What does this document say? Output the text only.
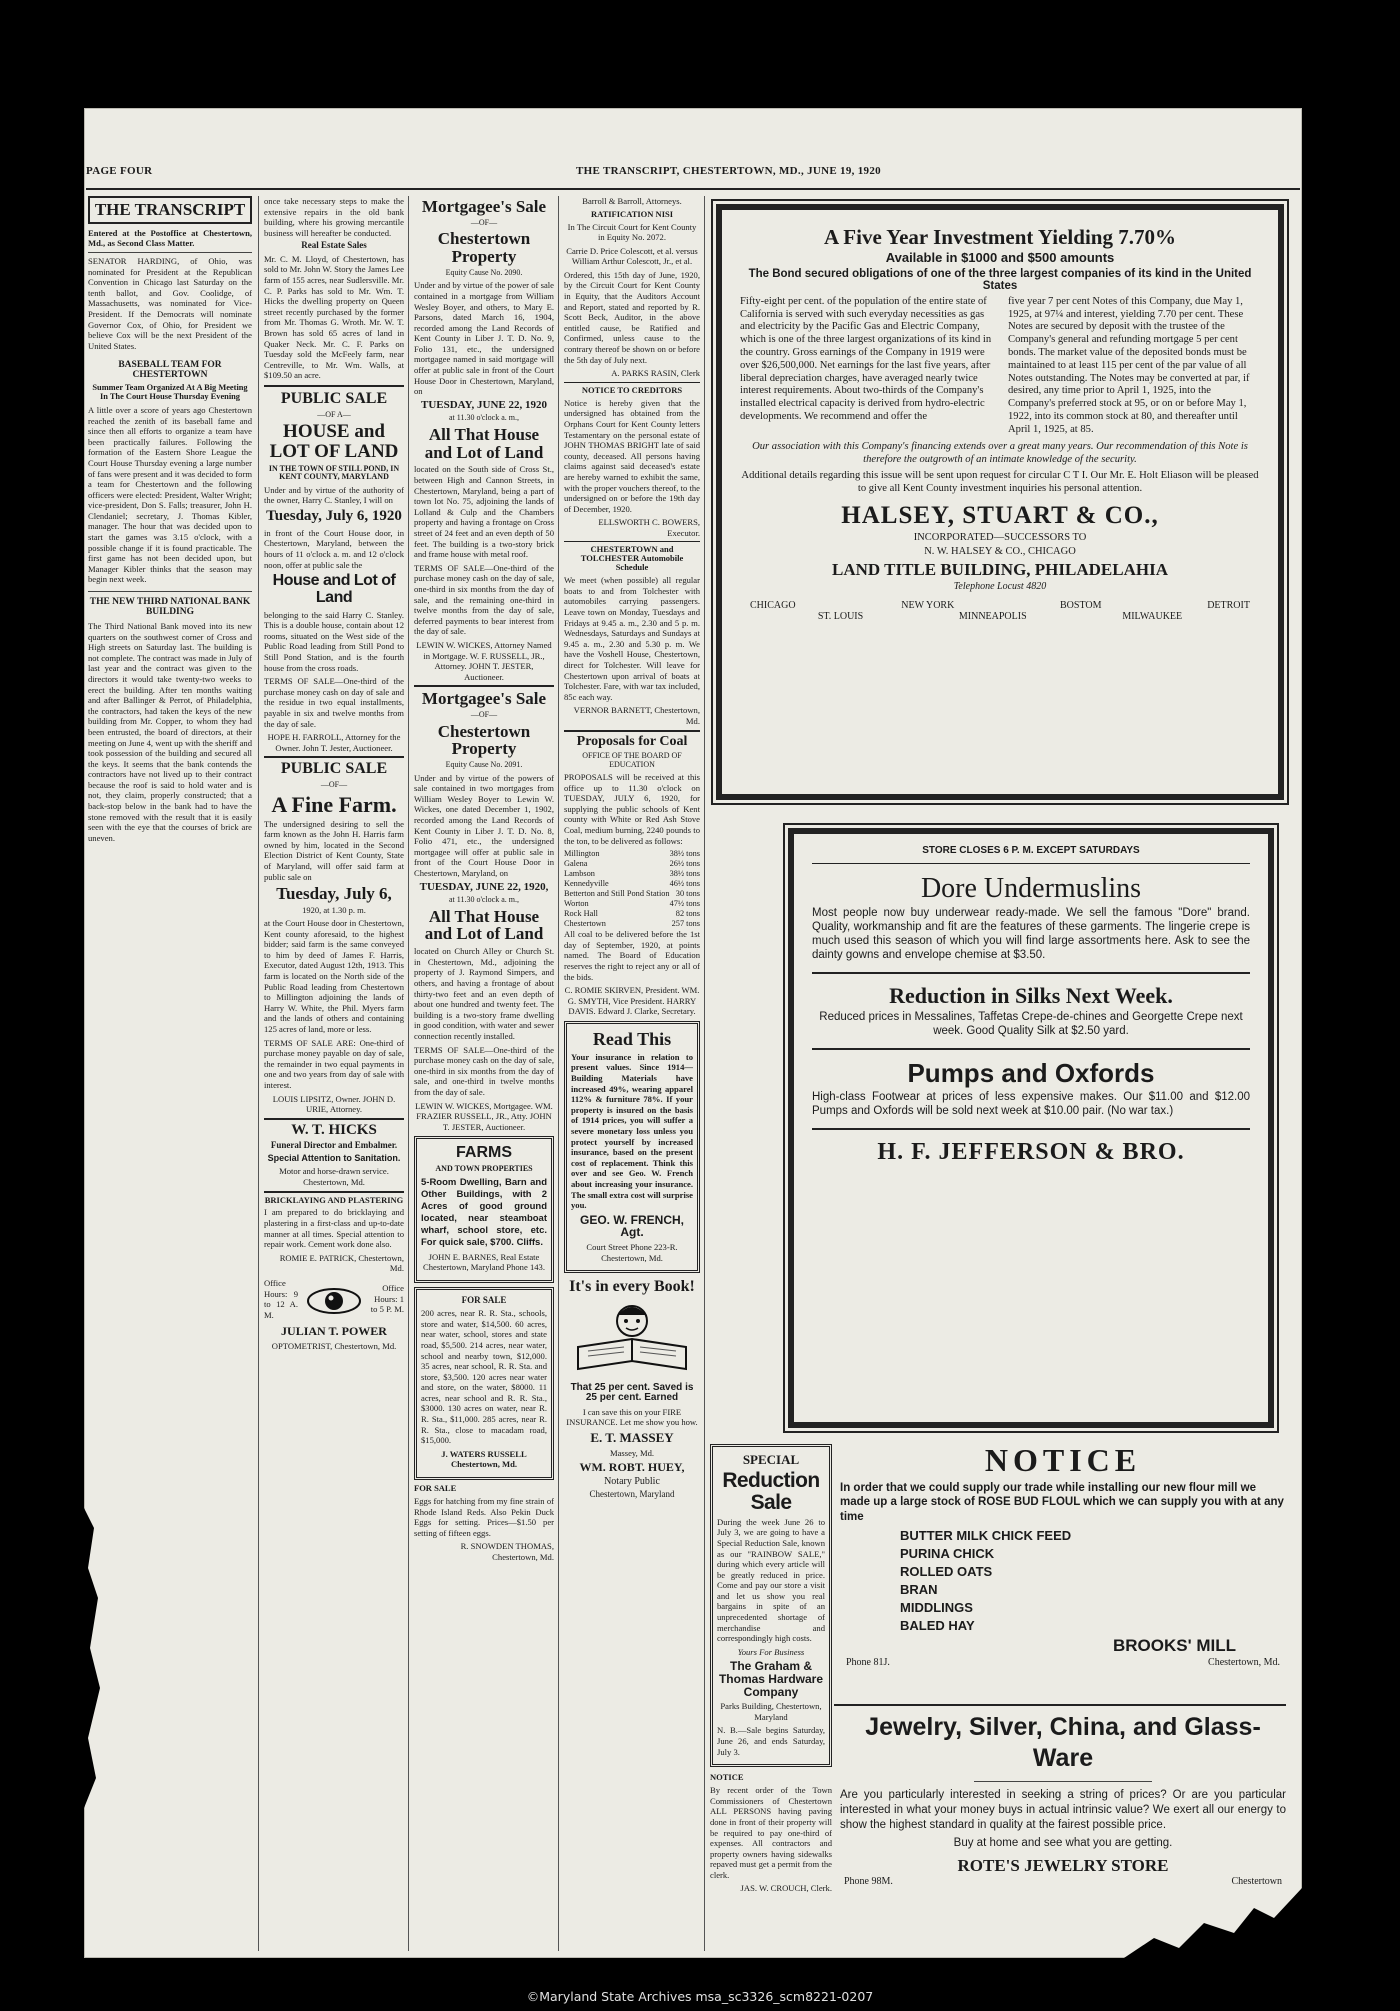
PAGE FOUR	THE TRANSCRIPT, CHESTERTOWN, MD., JUNE 19, 1920
THE TRANSCRIPT

Entered at the Postoffice at Chestertown, Md., as Second Class Matter.

SENATOR HARDING, of Ohio, was nominated for President at the Republican Convention in Chicago last Saturday on the tenth ballot, and Gov. Coolidge, of Massachusetts, was nominated for Vice-President. If the Democrats will nominate Governor Cox, of Ohio, for President we believe Cox will be the next President of the United States.

BASEBALL TEAM FOR CHESTERTOWN
Summer Team Organized At A Big Meeting In The Court House Thursday Evening

A little over a score of years ago Chestertown reached the zenith of its baseball fame and since then all efforts to organize a team have been practically failures. Following the formation of the Eastern Shore League the Court House Thursday evening a large number of fans were present and it was decided to form a team for Chestertown and the following officers were elected: President, Walter Wright; vice-president, Don S. Falls; treasurer, John H. Clendaniel; secretary, J. Thomas Kibler, manager. The hour that was decided upon to start the games was 3.15 o'clock, with a possible change if it is found practicable. The first game has not been decided upon, but Manager Kibler thinks that the season may begin next week.

THE NEW THIRD NATIONAL BANK BUILDING

The Third National Bank moved into its new quarters on the southwest corner of Cross and High streets on Saturday last. The building is not complete. The contract was made in July of last year and the contract was given to the directors it would take twenty-two weeks to erect the building. After ten months waiting and after Ballinger & Perrot, of Philadelphia, the contractors, had taken the keys of the new building from Mr. Copper, to whom they had been entrusted, the board of directors, at their meeting on June 4, went up with the sheriff and took possession of the building and secured all the keys. It seems that the bank contends the contractors have not lived up to their contract because the roof is said to hold water and is not, they claim, properly constructed; that a back-stop below in the bank had to have the stone removed with the result that it is easily seen with the eye that the courses of brick are uneven.

once take necessary steps to make the extensive repairs in the old bank building, where his growing mercantile business will hereafter be conducted.

Real Estate Sales

Mr. C. M. Lloyd, of Chestertown, has sold to Mr. John W. Story the James Lee farm of 155 acres, near Sudlersville. Mr. C. P. Parks has sold to Mr. Wm. T. Hicks the dwelling property on Queen street recently purchased by the former from Mr. Thomas G. Wroth. Mr. W. T. Brown has sold 65 acres of land in Quaker Neck. Mr. C. F. Parks on Tuesday sold the McFeely farm, near Centreville, to Mr. Wm. Walls, at $109.50 an acre.

PUBLIC SALE
—OF A—
HOUSE and LOT OF LAND
IN THE TOWN OF STILL POND, IN KENT COUNTY, MARYLAND

Under and by virtue of the authority of the owner, Harry C. Stanley, I will on

Tuesday, July 6, 1920

in front of the Court House door, in Chestertown, Maryland, between the hours of 11 o'clock a. m. and 12 o'clock noon, offer at public sale the

House and Lot of Land

belonging to the said Harry C. Stanley. This is a double house, contain about 12 rooms, situated on the West side of the Public Road leading from Still Pond to Still Pond Station, and is the fourth house from the cross roads.

TERMS OF SALE—One-third of the purchase money cash on day of sale and the residue in two equal installments, payable in six and twelve months from the day of sale.

HOPE H. FARROLL, Attorney for the Owner. John T. Jester, Auctioneer.

PUBLIC SALE
—OF—
A Fine Farm.

The undersigned desiring to sell the farm known as the John H. Harris farm owned by him, located in the Second Election District of Kent County, State of Maryland, will offer said farm at public sale on

Tuesday, July 6,
1920, at 1.30 p. m.

at the Court House door in Chestertown, Kent county aforesaid, to the highest bidder; said farm is the same conveyed to him by deed of James F. Harris, Executor, dated August 12th, 1913. This farm is located on the North side of the Public Road leading from Chestertown to Millington adjoining the lands of Harry W. White, the Phil. Myers farm and the lands of others and containing 125 acres of land, more or less.

TERMS OF SALE ARE: One-third of purchase money payable on day of sale, the remainder in two equal payments in one and two years from day of sale with interest.

LOUIS LIPSITZ, Owner. JOHN D. URIE, Attorney.

W. T. HICKS
Funeral Director and Embalmer.
Special Attention to Sanitation.

Motor and horse-drawn service. Chestertown, Md.

BRICKLAYING AND PLASTERING

I am prepared to do bricklaying and plastering in a first-class and up-to-date manner at all times. Special attention to repair work. Cement work done also.

ROMIE E. PATRICK, Chestertown, Md.

Office Hours: 9 to 12 A. M.
Office Hours: 1 to 5 P. M.
JULIAN T. POWER

OPTOMETRIST, Chestertown, Md.

Mortgagee's Sale
—OF—
Chestertown Property
Equity Cause No. 2090.

Under and by virtue of the power of sale contained in a mortgage from William Wesley Boyer, and others, to Mary E. Parsons, dated March 16, 1904, recorded among the Land Records of Kent County in Liber J. T. D. No. 9, Folio 131, etc., the undersigned mortgagee named in said mortgage will offer at public sale in front of the Court House Door in Chestertown, Maryland, on

TUESDAY, JUNE 22, 1920
at 11.30 o'clock a. m.,
All That House and Lot of Land

located on the South side of Cross St., between High and Cannon Streets, in Chestertown, Maryland, being a part of town lot No. 75, adjoining the lands of Lolland & Culp and the Chambers property and having a frontage on Cross street of 24 feet and an even depth of 50 feet. The building is a two-story brick and frame house with metal roof.

TERMS OF SALE—One-third of the purchase money cash on the day of sale, one-third in six months from the day of sale, and the remaining one-third in twelve months from the day of sale, deferred payments to bear interest from the day of sale.

LEWIN W. WICKES, Attorney Named in Mortgage. W. F. RUSSELL, JR., Attorney. JOHN T. JESTER, Auctioneer.

Mortgagee's Sale
—OF—
Chestertown Property
Equity Cause No. 2091.

Under and by virtue of the powers of sale contained in two mortgages from William Wesley Boyer to Lewin W. Wickes, one dated December 1, 1902, recorded among the Land Records of Kent County in Liber J. T. D. No. 8, Folio 471, etc., the undersigned mortgagee will offer at public sale in front of the Court House Door in Chestertown, Maryland, on

TUESDAY, JUNE 22, 1920,
at 11.30 o'clock a. m.,
All That House and Lot of Land

located on Church Alley or Church St. in Chestertown, Md., adjoining the property of J. Raymond Simpers, and others, and having a frontage of about thirty-two feet and an even depth of about one hundred and twenty feet. The building is a two-story frame dwelling in good condition, with water and sewer connection recently installed.

TERMS OF SALE—One-third of the purchase money cash on the day of sale, one-third in six months from the day of sale, and one-third in twelve months from the day of sale.

LEWIN W. WICKES, Mortgagee. WM. FRAZIER RUSSELL, JR., Atty. JOHN T. JESTER, Auctioneer.

FARMS
AND TOWN PROPERTIES

5-Room Dwelling, Barn and Other Buildings, with 2 Acres of good ground located, near steamboat wharf, school store, etc. For quick sale, $700. Cliffs.

JOHN E. BARNES, Real Estate Chestertown, Maryland Phone 143.

FOR SALE

200 acres, near R. R. Sta., schools, store and water, $14,500. 60 acres, near water, school, stores and state road, $5,500. 214 acres, near water, school and nearby town, $12,000. 35 acres, near school, R. R. Sta. and store, $3,500. 120 acres near water and store, on the water, $8000. 11 acres, near school and R. R. Sta., $3000. 130 acres on water, near R. R. Sta., $11,000. 285 acres, near R. R. Sta., close to macadam road, $15,000.

J. WATERS RUSSELL Chestertown, Md.

FOR SALE

Eggs for hatching from my fine strain of Rhode Island Reds. Also Pekin Duck Eggs for setting. Prices—$1.50 per setting of fifteen eggs.

R. SNOWDEN THOMAS, Chestertown, Md.

Barroll & Barroll, Attorneys.

RATIFICATION NISI

In The Circuit Court for Kent County in Equity No. 2072.

Carrie D. Price Colescott, et al. versus William Arthur Colescott, Jr., et al.

Ordered, this 15th day of June, 1920, by the Circuit Court for Kent County in Equity, that the Auditors Account and Report, stated and reported by R. Scott Beck, Auditor, in the above entitled cause, be Ratified and Confirmed, unless cause to the contrary thereof be shown on or before the 5th day of July next.

A. PARKS RASIN, Clerk

NOTICE TO CREDITORS

Notice is hereby given that the undersigned has obtained from the Orphans Court for Kent County letters Testamentary on the personal estate of JOHN THOMAS BRIGHT late of said county, deceased. All persons having claims against said deceased's estate are hereby warned to exhibit the same, with the proper vouchers thereof, to the undersigned on or before the 19th day of December, 1920.

ELLSWORTH C. BOWERS, Executor.

CHESTERTOWN and TOLCHESTER Automobile Schedule

We meet (when possible) all regular boats to and from Tolchester with automobiles carrying passengers. Leave town on Monday, Tuesdays and Fridays at 9.45 a. m., 2.30 and 5 p. m. Wednesdays, Saturdays and Sundays at 9.45 a. m., 2.30 and 5.30 p. m. We have the Voshell House, Chestertown, direct for Tolchester. Will leave for Chestertown upon arrival of boats at Tolchester. Fare, with war tax included, 85c each way.

VERNOR BARNETT, Chestertown, Md.

Proposals for Coal
OFFICE OF THE BOARD OF EDUCATION

PROPOSALS will be received at this office up to 11.30 o'clock on TUESDAY, JULY 6, 1920, for supplying the public schools of Kent county with White or Red Ash Stove Coal, medium burning, 2240 pounds to the ton, to be delivered as follows:

Millington	38½ tons
Galena	26½ tons
Lambson	38½ tons
Kennedyville	46½ tons
Betterton and Still Pond Station 30 tons
Worton	47½ tons
Rock Hall	82 tons
Chestertown	257 tons

All coal to be delivered before the 1st day of September, 1920, at points named. The Board of Education reserves the right to reject any or all of the bids.

C. ROMIE SKIRVEN, President. WM. G. SMYTH, Vice President. HARRY DAVIS. Edward J. Clarke, Secretary.

Read This

Your insurance in relation to present values. Since 1914—Building Materials have increased 49%, wearing apparel 112% & furniture 78%. If your property is insured on the basis of 1914 prices, you will suffer a severe monetary loss unless you protect yourself by increased insurance, based on the present cost of replacement. Think this over and see Geo. W. French about increasing your insurance. The small extra cost will surprise you.

GEO. W. FRENCH, Agt.

Court Street Phone 223-R. Chestertown, Md.

It's in every Book!
That 25 per cent. Saved is 25 per cent. Earned

I can save this on your FIRE INSURANCE. Let me show you how.

E. T. MASSEY

Massey, Md.

WM. ROBT. HUEY,
Notary Public
Chestertown, Maryland
A Five Year Investment Yielding 7.70%
Available in $1000 and $500 amounts
The Bond secured obligations of one of the three largest companies of its kind in the United States

Fifty-eight per cent. of the population of the entire state of California is served with such everyday necessities as gas and electricity by the Pacific Gas and Electric Company, which is one of the three largest organizations of its kind in the country. Gross earnings of the Company in 1919 were over $26,500,000. Net earnings for the last five years, after liberal depreciation charges, have averaged nearly twice interest requirements. About two-thirds of the Company's installed electrical capacity is derived from hydro-electric developments. We recommend and offer the

five year 7 per cent Notes of this Company, due May 1, 1925, at 97¼ and interest, yielding 7.70 per cent. These Notes are secured by deposit with the trustee of the Company's general and refunding mortgage 5 per cent bonds. The market value of the deposited bonds must be maintained to at least 115 per cent of the par value of all Notes outstanding. The Notes may be converted at par, if desired, any time prior to April 1, 1925, into the Company's preferred stock at 95, or on or before May 1, 1922, into its common stock at 80, and thereafter until April 1, 1925, at 85.

Our association with this Company's financing extends over a great many years. Our recommendation of this Note is therefore the outgrowth of an intimate knowledge of the security.

Additional details regarding this issue will be sent upon request for circular C T I. Our Mr. E. Holt Eliason will be pleased to give all Kent County investment inquiries his personal attention.

HALSEY, STUART & CO.,
INCORPORATED—SUCCESSORS TO
N. W. HALSEY & CO., CHICAGO
LAND TITLE BUILDING, PHILADELAHIA
Telephone Locust 4820
CHICAGO	NEW YORK	BOSTOM	DETROIT
ST. LOUIS	MINNEAPOLIS	MILWAUKEE
STORE CLOSES 6 P. M. EXCEPT SATURDAYS
Dore Undermuslins

Most people now buy underwear ready-made. We sell the famous "Dore" brand. Quality, workmanship and fit are the features of these garments. The lingerie crepe is much used this season of which you will find large assortments here. Ask to see the dainty gowns and envelope chemise at $3.50.

Reduction in Silks Next Week.

Reduced prices in Messalines, Taffetas Crepe-de-chines and Georgette Crepe next week. Good Quality Silk at $2.50 yard.

Pumps and Oxfords

High-class Footwear at prices of less expensive makes. Our $11.00 and $12.00 Pumps and Oxfords will be sold next week at $10.00 pair. (No war tax.)

H. F. JEFFERSON & BRO.
SPECIAL
Reduction Sale

During the week June 26 to July 3, we are going to have a Special Reduction Sale, known as our "RAINBOW SALE," during which every article will be greatly reduced in price. Come and pay our store a visit and let us show you real bargains in spite of an unprecedented shortage of merchandise and correspondingly high costs.

Yours For Business

The Graham & Thomas Hardware Company

Parks Building, Chestertown, Maryland

N. B.—Sale begins Saturday, June 26, and ends Saturday, July 3.

NOTICE

By recent order of the Town Commissioners of Chestertown ALL PERSONS having paving done in front of their property will be required to pay one-third of expenses. All contractors and property owners having sidewalks repaved must get a permit from the clerk.

JAS. W. CROUCH, Clerk.

NOTICE

In order that we could supply our trade while installing our new flour mill we made up a large stock of ROSE BUD FLOUL which we can supply you with at any time

BUTTER MILK CHICK FEED
PURINA CHICK
ROLLED OATS
BRAN
MIDDLINGS
BALED HAY
BROOKS' MILL
Phone 81J.	Chestertown, Md.
Jewelry, Silver, China, and Glass-Ware

Are you particularly interested in seeking a string of prices? Or are you particular interested in what your money buys in actual intrinsic value? We exert all our energy to show the highest standard in quality at the fairest possible price.

Buy at home and see what you are getting.

ROTE'S JEWELRY STORE
Phone 98M.	Chestertown
©Maryland State Archives msa_sc3326_scm8221-0207
